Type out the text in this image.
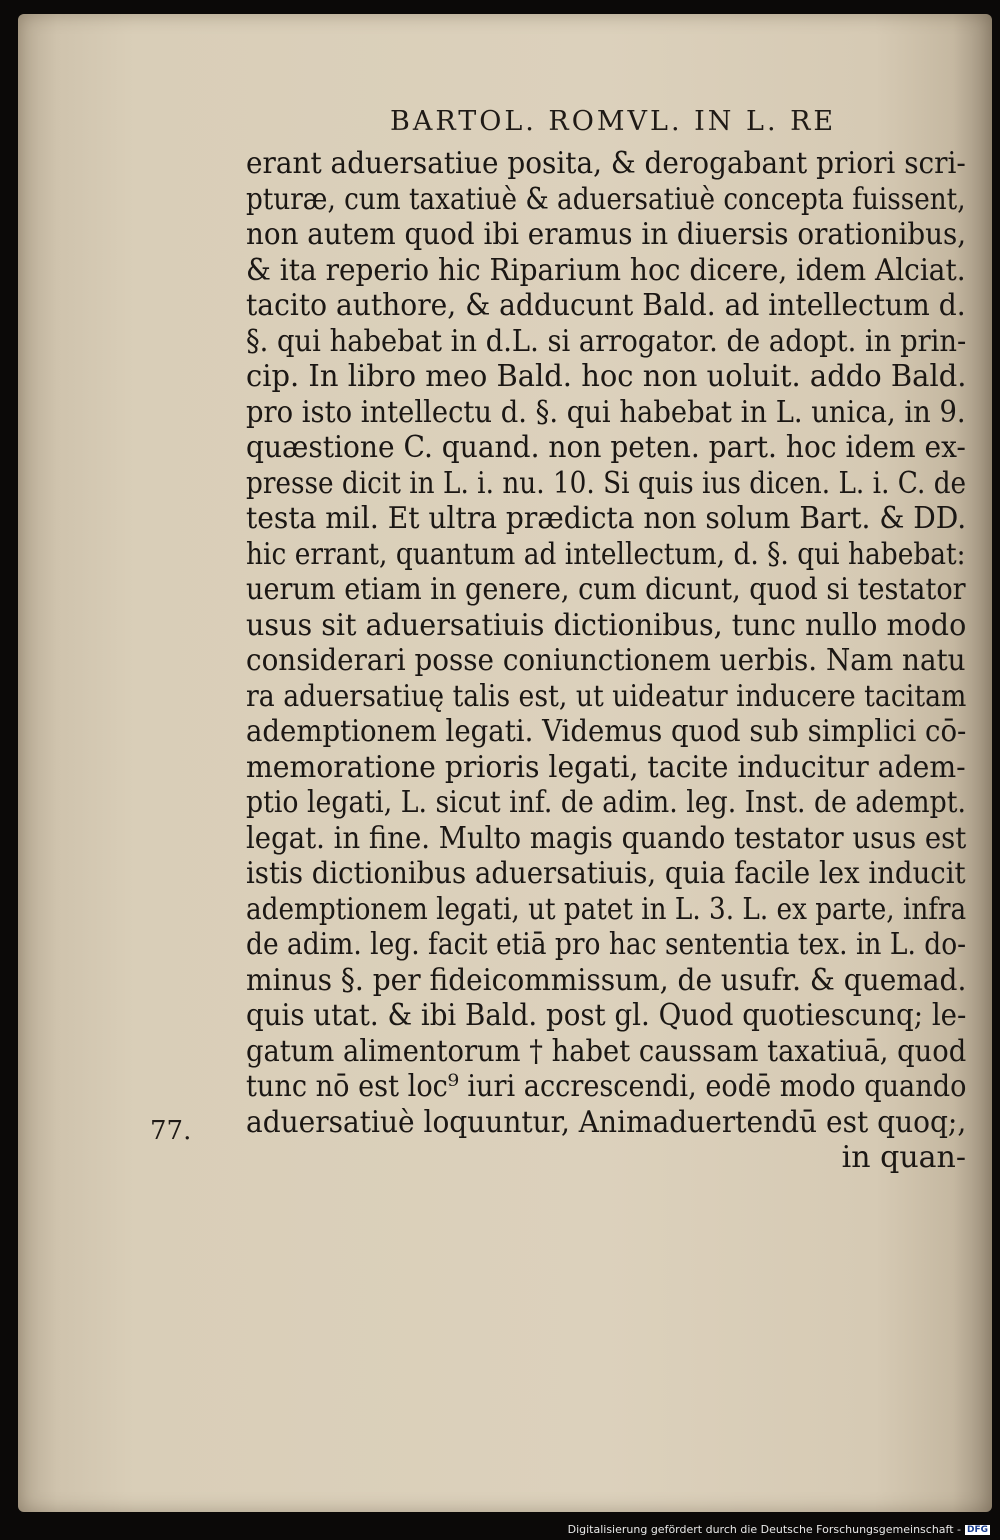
BARTOL. ROMVL. IN L. RE
77.
erant aduersatiue posita, & derogabant priori scri-
pturæ, cum taxatiuè & aduersatiuè concepta fuissent,
non autem quod ibi eramus in diuersis orationibus,
& ita reperio hic Riparium hoc dicere, idem Alciat.
tacito authore, & adducunt Bald. ad intellectum d.
§. qui habebat in d.L. si arrogator. de adopt. in prin-
cip. In libro meo Bald. hoc non uoluit. addo Bald.
pro isto intellectu d. §. qui habebat in L. unica, in 9.
quæstione C. quand. non peten. part. hoc idem ex-
presse dicit in L. i. nu. 10. Si quis ius dicen. L. i. C. de
testa mil. Et ultra prædicta non solum Bart. & DD.
hic errant, quantum ad intellectum, d. §. qui habebat:
uerum etiam in genere, cum dicunt, quod si testator
usus sit aduersatiuis dictionibus, tunc nullo modo
considerari posse coniunctionem uerbis. Nam natu
ra aduersatiuę talis est, ut uideatur inducere tacitam
ademptionem legati. Videmus quod sub simplici cō-
memoratione prioris legati, tacite inducitur adem-
ptio legati, L. sicut inf. de adim. leg. Inst. de adempt.
legat. in fine. Multo magis quando testator usus est
istis dictionibus aduersatiuis, quia facile lex inducit
ademptionem legati, ut patet in L. 3. L. ex parte, infra
de adim. leg. facit etiā pro hac sententia tex. in L. do-
minus §. per fideicommissum, de usufr. & quemad.
quis utat. & ibi Bald. post gl. Quod quotiescunq; le-
gatum alimentorum † habet caussam taxatiuā, quod
tunc nō est loc⁹ iuri accrescendi, eodē modo quando
aduersatiuè loquuntur, Animaduertendū est quoq;,
in quan-
Digitalisierung gefördert durch die Deutsche Forschungsgemeinschaft - DFG
